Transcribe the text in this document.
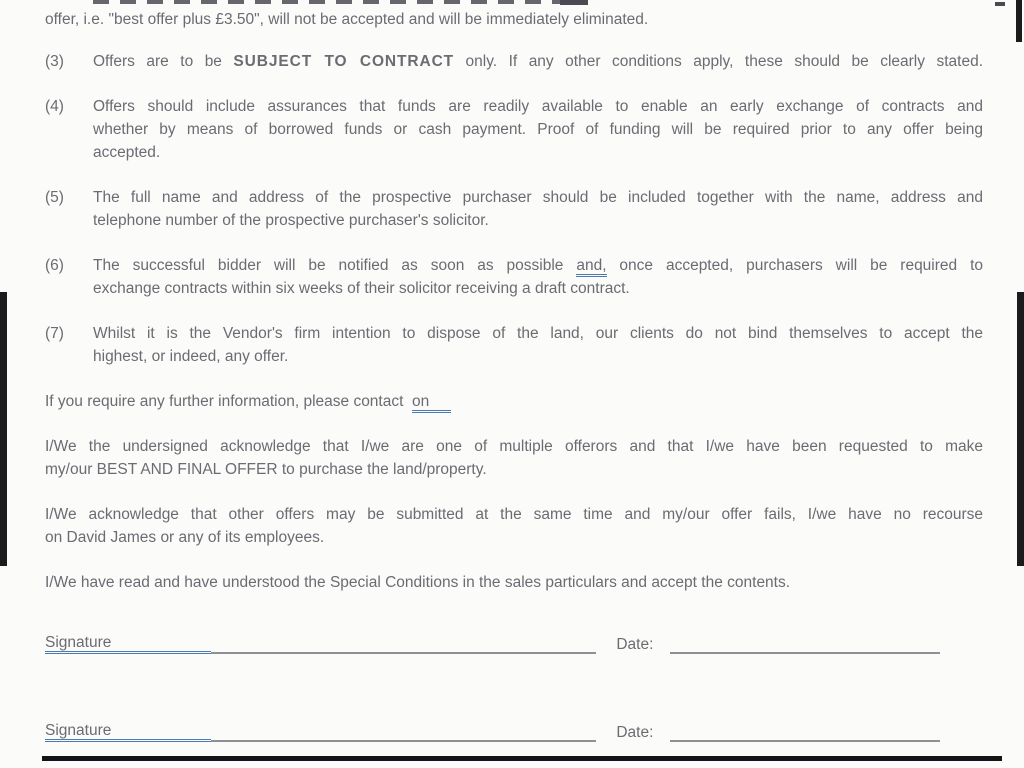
offer, i.e. "best offer plus £3.50", will not be accepted and will be immediately eliminated.
(3)	Offers are to be SUBJECT TO CONTRACT only. If any other conditions apply, these should be clearly stated.
(4)	Offers should include assurances that funds are readily available to enable an early exchange of contracts and
whether by means of borrowed funds or cash payment. Proof of funding will be required prior to any offer being
accepted.
(5)	The full name and address of the prospective purchaser should be included together with the name, address and
telephone number of the prospective purchaser's solicitor.
(6)	The successful bidder will be notified as soon as possible and, once accepted, purchasers will be required to
exchange contracts within six weeks of their solicitor receiving a draft contract.
(7)	Whilst it is the Vendor's firm intention to dispose of the land, our clients do not bind themselves to accept the
highest, or indeed, any offer.
If you require any further information, please contact  on
I/We the undersigned acknowledge that I/we are one of multiple offerors and that I/we have been requested to make
my/our BEST AND FINAL OFFER to purchase the land/property.
I/We acknowledge that other offers may be submitted at the same time and my/our offer fails, I/we have no recourse
on David James or any of its employees.
I/We have read and have understood the Special Conditions in the sales particulars and accept the contents.
Signature	Date:
Signature	Date:
